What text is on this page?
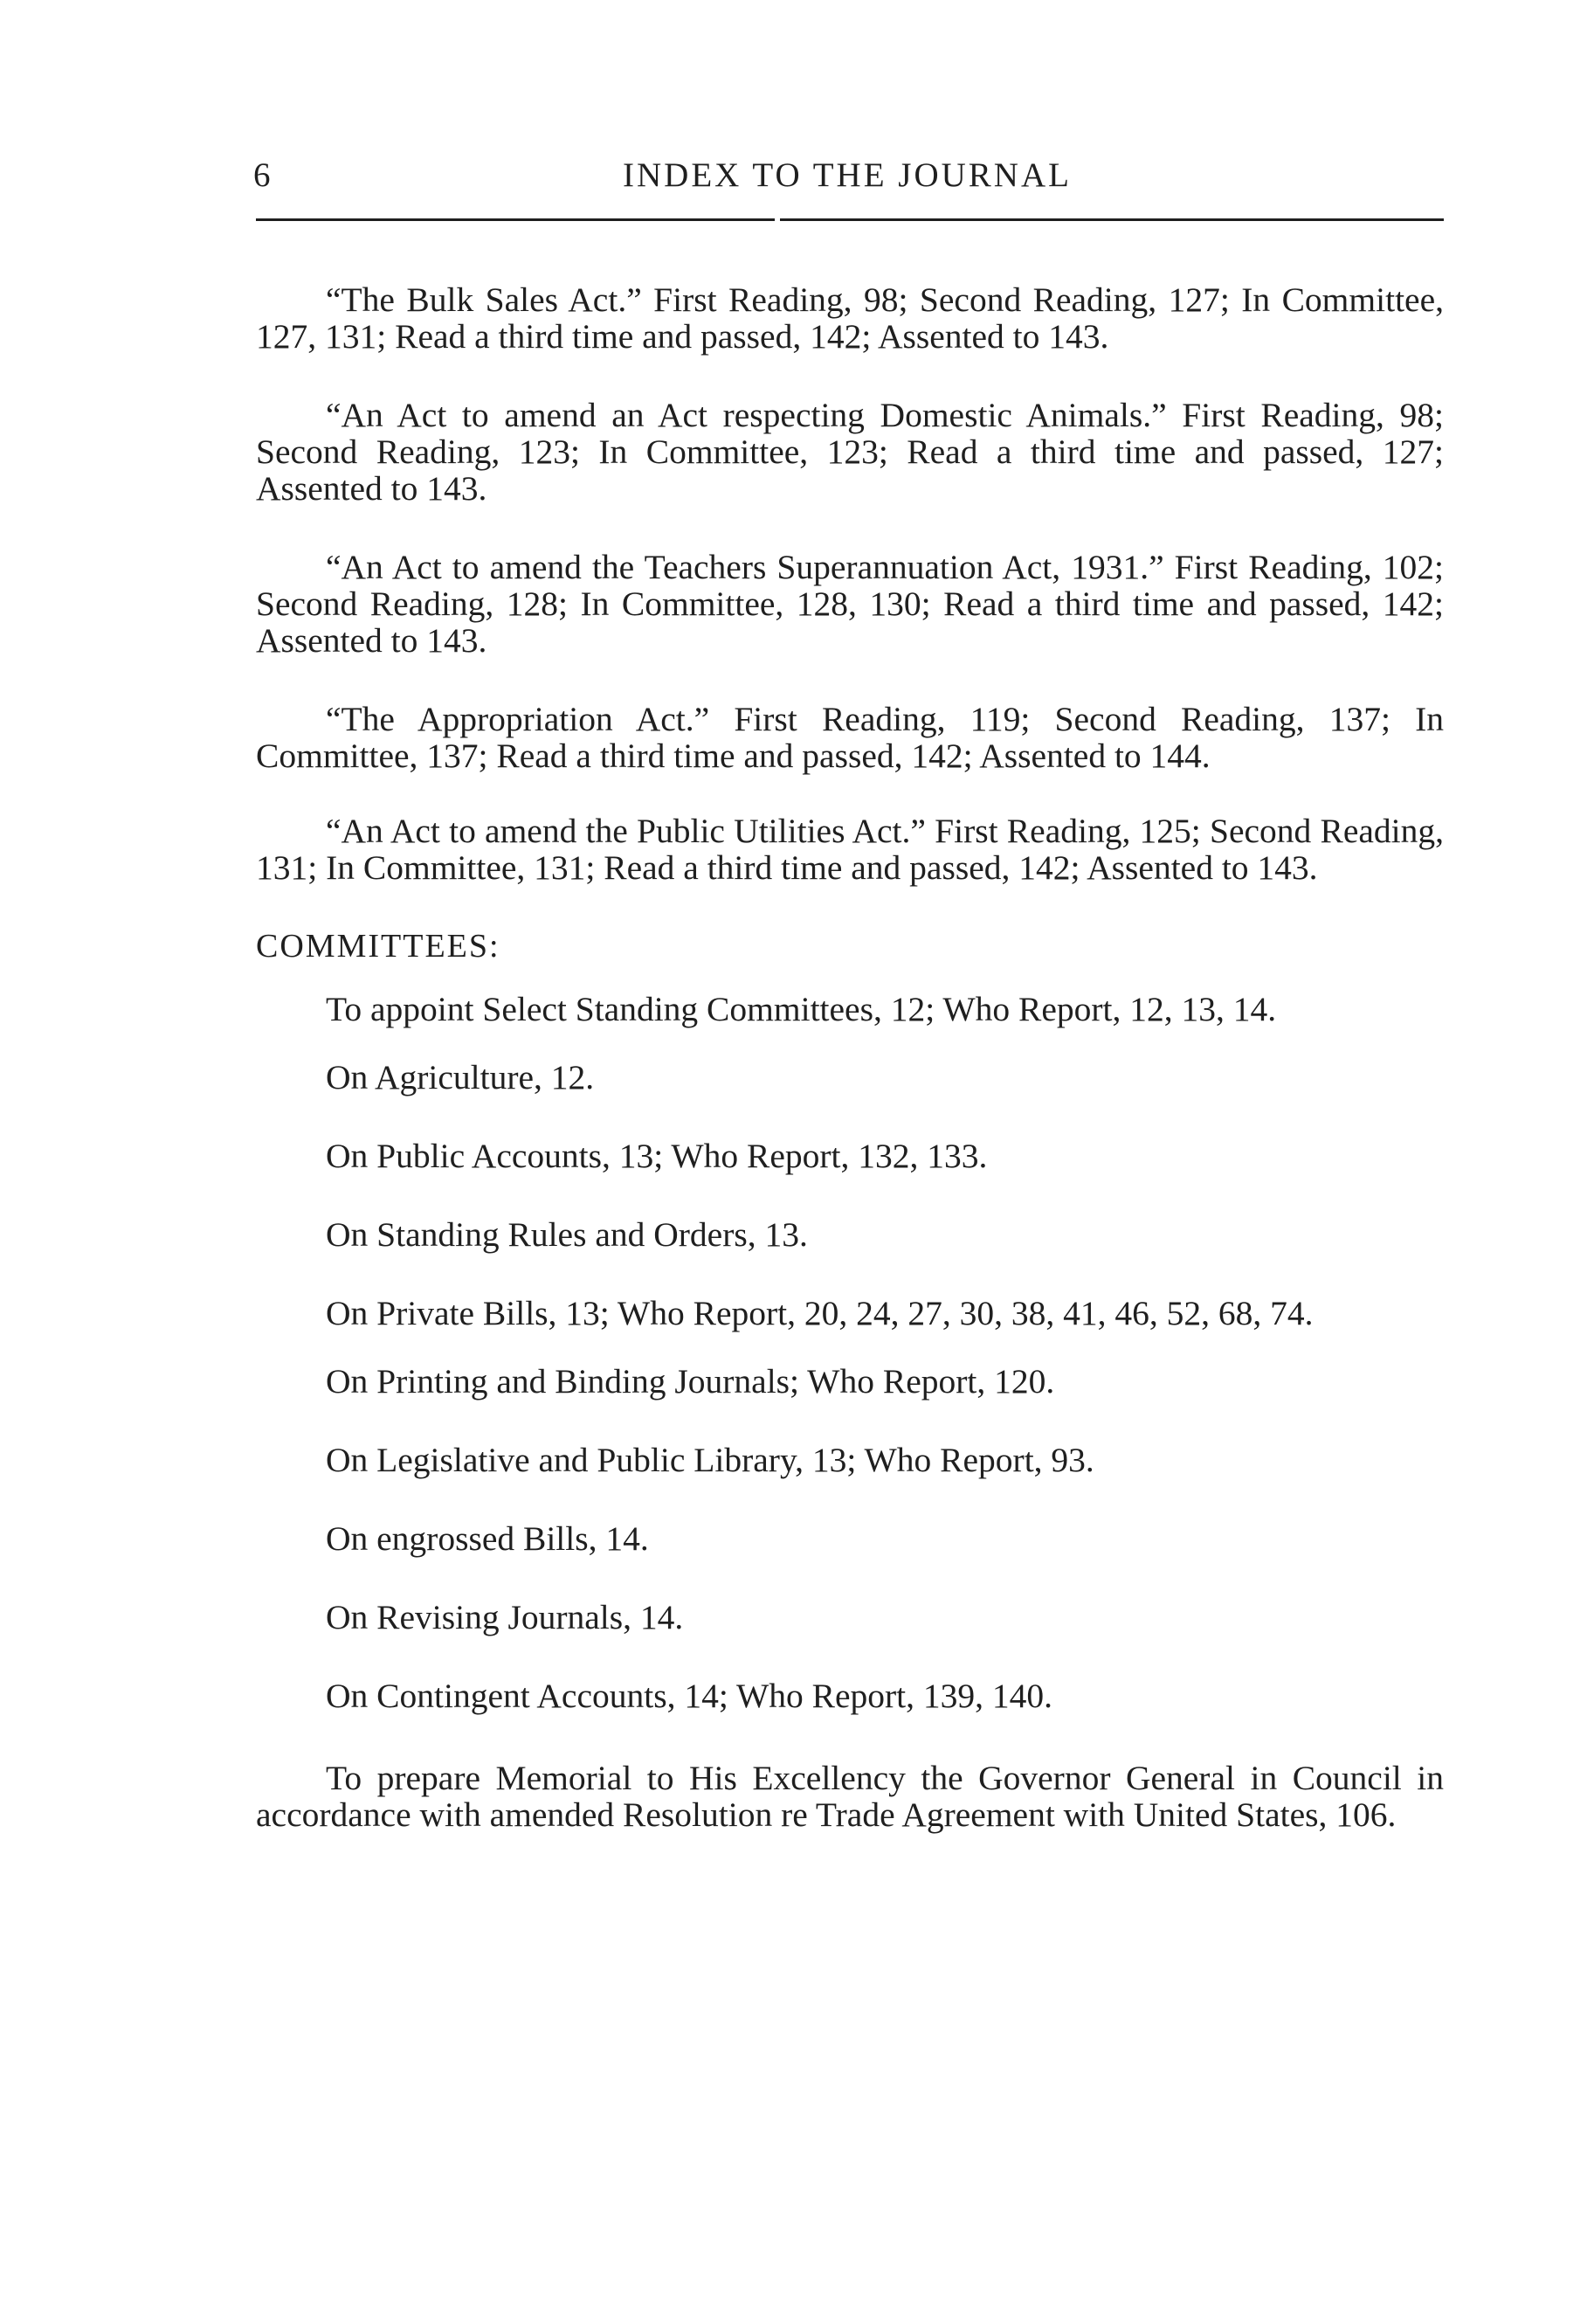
6	INDEX TO THE JOURNAL

“The Bulk Sales Act.” First Reading, 98; Second Reading, 127; In Committee, 127, 131; Read a third time and passed, 142; Assented to 143.

“An Act to amend an Act respecting Domestic Animals.” First Reading, 98; Second Reading, 123; In Committee, 123; Read a third time and passed, 127; Assented to 143.

“An Act to amend the Teachers Superannuation Act, 1931.” First Reading, 102; Second Reading, 128; In Committee, 128, 130; Read a third time and passed, 142; Assented to 143.

“The Appropriation Act.” First Reading, 119; Second Reading, 137; In Committee, 137; Read a third time and passed, 142; Assented to 144.

“An Act to amend the Public Utilities Act.” First Reading, 125; Second Reading, 131; In Committee, 131; Read a third time and passed, 142; Assented to 143.

COMMITTEES:

To appoint Select Standing Committees, 12; Who Report, 12, 13, 14.

On Agriculture, 12.

On Public Accounts, 13; Who Report, 132, 133.

On Standing Rules and Orders, 13.

On Private Bills, 13; Who Report, 20, 24, 27, 30, 38, 41, 46, 52, 68, 74.

On Printing and Binding Journals; Who Report, 120.

On Legislative and Public Library, 13; Who Report, 93.

On engrossed Bills, 14.

On Revising Journals, 14.

On Contingent Accounts, 14; Who Report, 139, 140.

To prepare Memorial to His Excellency the Governor General in Council in accordance with amended Resolution re Trade Agreement with United States, 106.
